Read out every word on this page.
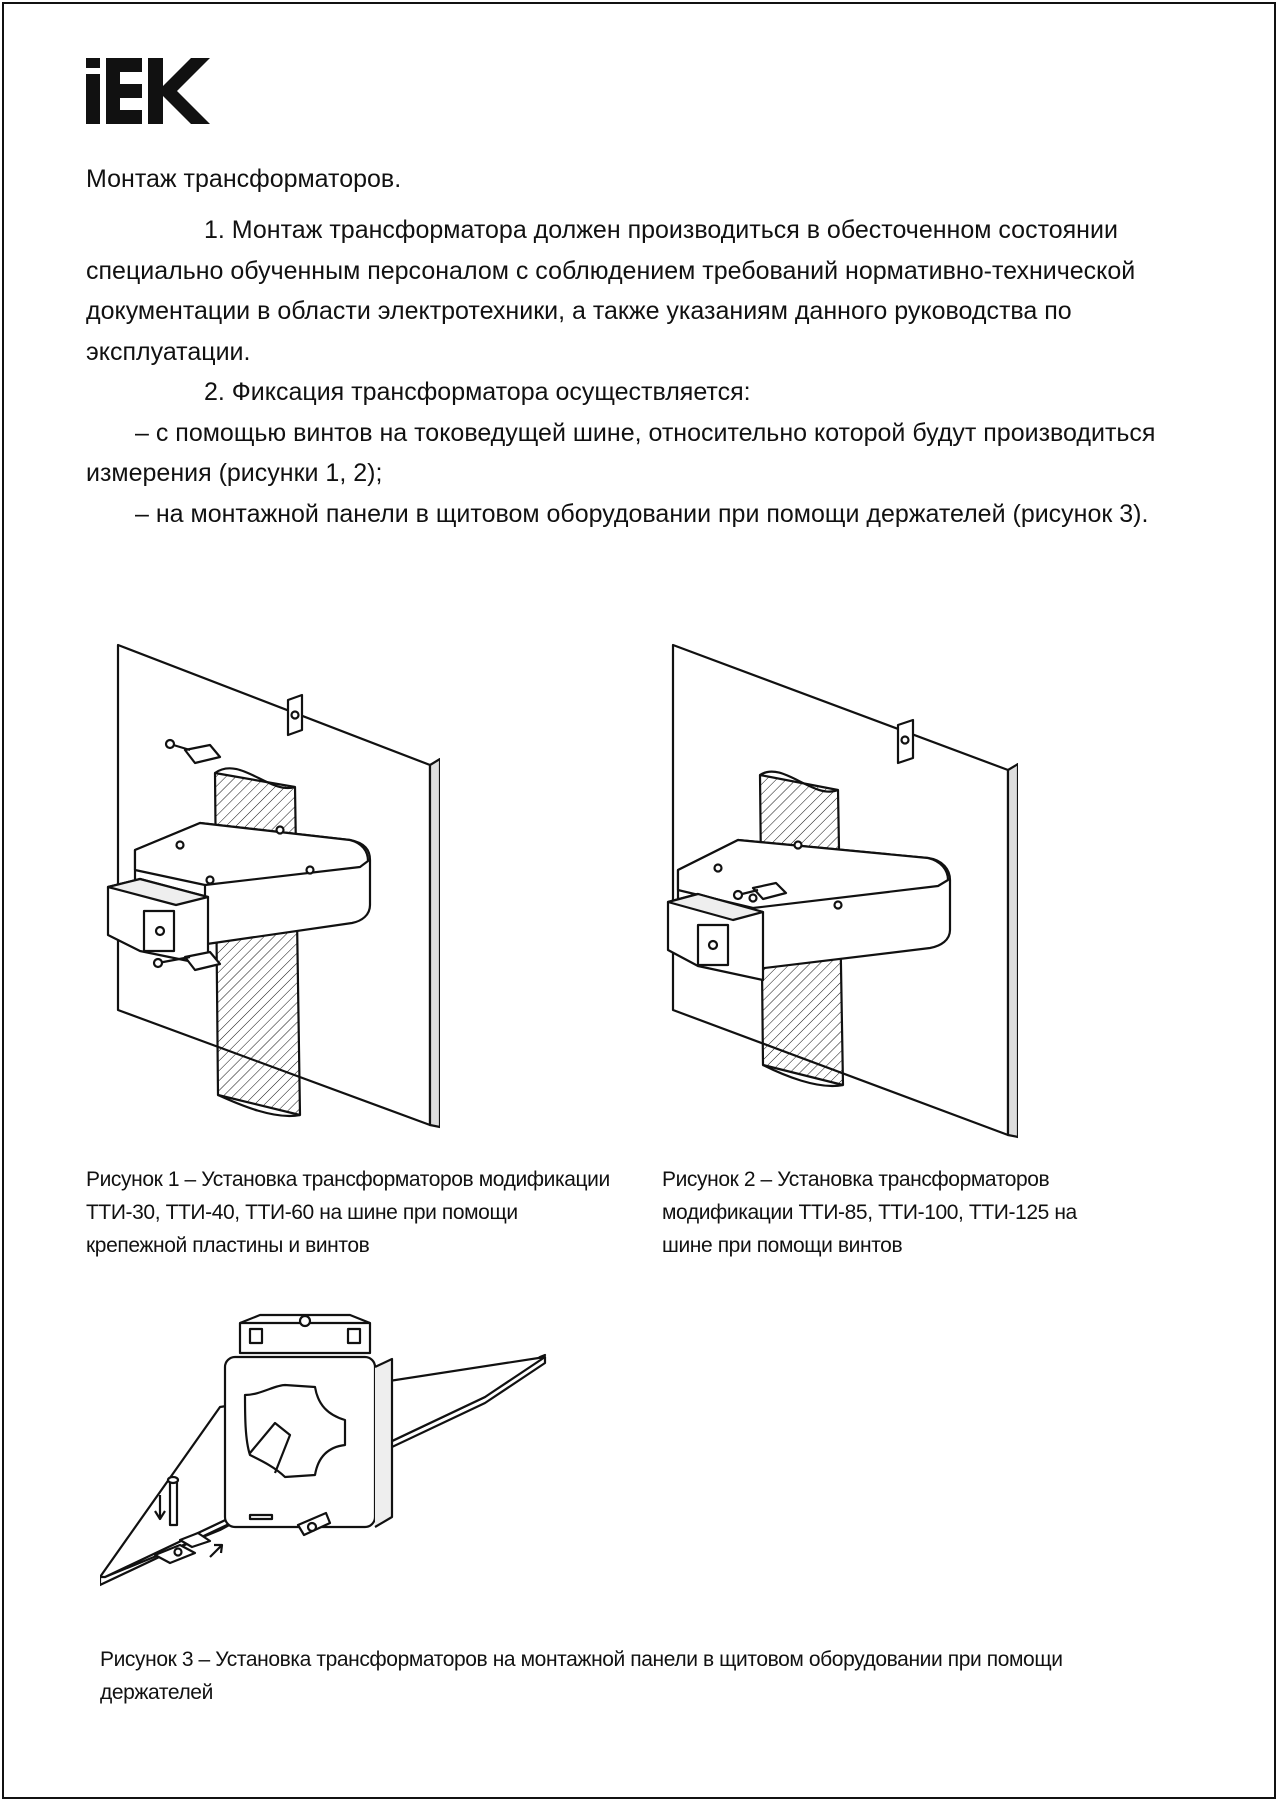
Монтаж трансформаторов.

1. Монтаж трансформатора должен производиться в обесточенном состоянии специально обученным персоналом с соблюдением требований нормативно-технической документации в области электротехники, а также указаниям данного руководства по эксплуатации.

2. Фиксация трансформатора осуществляется:

– с помощью винтов на токоведущей шине, относительно которой будут производиться измерения (рисунки 1, 2);

– на монтажной панели в щитовом оборудовании при помощи держателей (рисунок 3).

Рисунок 1 – Установка трансформаторов модификации ТТИ-30, ТТИ-40, ТТИ-60 на шине при помощи крепежной пластины и винтов
Рисунок 2 – Установка трансформаторов модификации ТТИ-85, ТТИ-100, ТТИ-125 на шине при помощи винтов
Рисунок 3 – Установка трансформаторов на монтажной панели в щитовом оборудовании при помощи держателей
